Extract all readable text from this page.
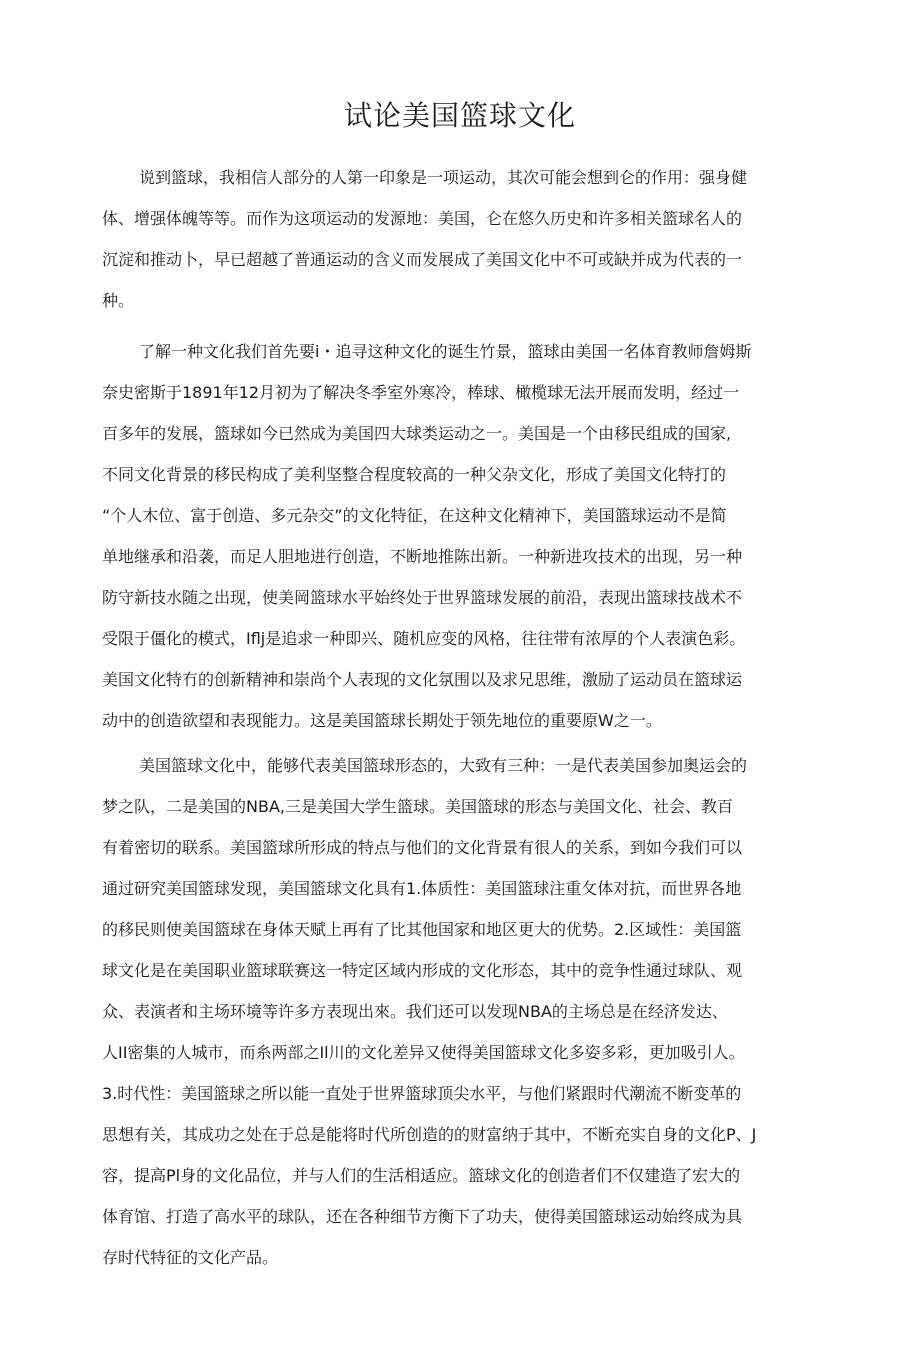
试论美国篮球文化
说到篮球，我相信人部分的人第一印象是一项运动，其次可能会想到仑的作用：强身健
体、增强体魄等等。而作为这项运动的发源地：美国，仑在悠久历史和许多相关篮球名人的
沉淀和推动卜，早已超越了普通运动的含义而发展成了美国文化中不可或缺并成为代表的一
种。
了解一种文化我们首先要i・追寻这种文化的诞生竹景，篮球由美国一名体育教师詹姆斯
奈史密斯于1891年12月初为了解决冬季室外寒冷，棒球、橄榄球无法开展而发明，经过一
百多年的发展，篮球如今已然成为美国四大球类运动之一。美国是一个由移民组成的国家,
不同文化背景的移民构成了美利坚整合程度较高的一种父杂文化，形成了美国文化特打的
“个人木位、富于创造、多元杂交”的文化特征，在这种文化精神下，美国篮球运动不是简
单地继承和沿袭，而足人胆地进行创造，不断地推陈出新。一种新进攻技术的出现，另一种
防守新技水随之出现，使美岡篮球水平始终处于世界篮球发展的前沿，表现出篮球技战术不
受限于僵化的模式，Iflj是追求一种即兴、随机应变的风格，往往带有浓厚的个人表演色彩。
美国文化特冇的创新精神和崇尚个人表现的文化氛围以及求兄思维，激励了运动员在篮球运
动中的创造欲望和表现能力。这是美国篮球长期处于领先地位的重要原W之一。
美国篮球文化中，能够代表美国篮球形态的，大致有三种：一是代表美国参加奥运会的
梦之队，二是美国的NBA,三是美国大学生篮球。美国篮球的形态与美国文化、社会、教百
有着密切的联系。美国篮球所形成的特点与他们的文化背景有很人的关系，到如今我们可以
通过研究美国篮球发现，美国篮球文化具有1.体质性：美国篮球注重攵体对抗，而世界各地
的移民则使美国篮球在身体天赋上再有了比其他国家和地区更大的优势。2.区域性：美国篮
球文化是在美国职业篮球联赛这一特定区域内形成的文化形态，其中的竞争性通过球队、观
众、表演者和主场环境等许多方表现出來。我们还可以发现NBA的主场总是在经济发达、
人II密集的人城市，而糸两部之Il川的文化差异又使得美国篮球文化多姿多彩，更加吸引人。
3.时代性：美国篮球之所以能一直处于世界篮球顶尖水平，与他们紧跟时代潮流不断变革的
思想有关，其成功之处在于总是能将时代所创造的的财富纳于其中，不断充实自身的文化P、J
容，提高Pl身的文化品位，并与人们的生活相适应。篮球文化的创造者们不仅建造了宏大的
体育馆、打造了高水平的球队，还在各种细节方衡下了功夫，使得美国篮球运动始终成为具
存时代特征的文化产品。
